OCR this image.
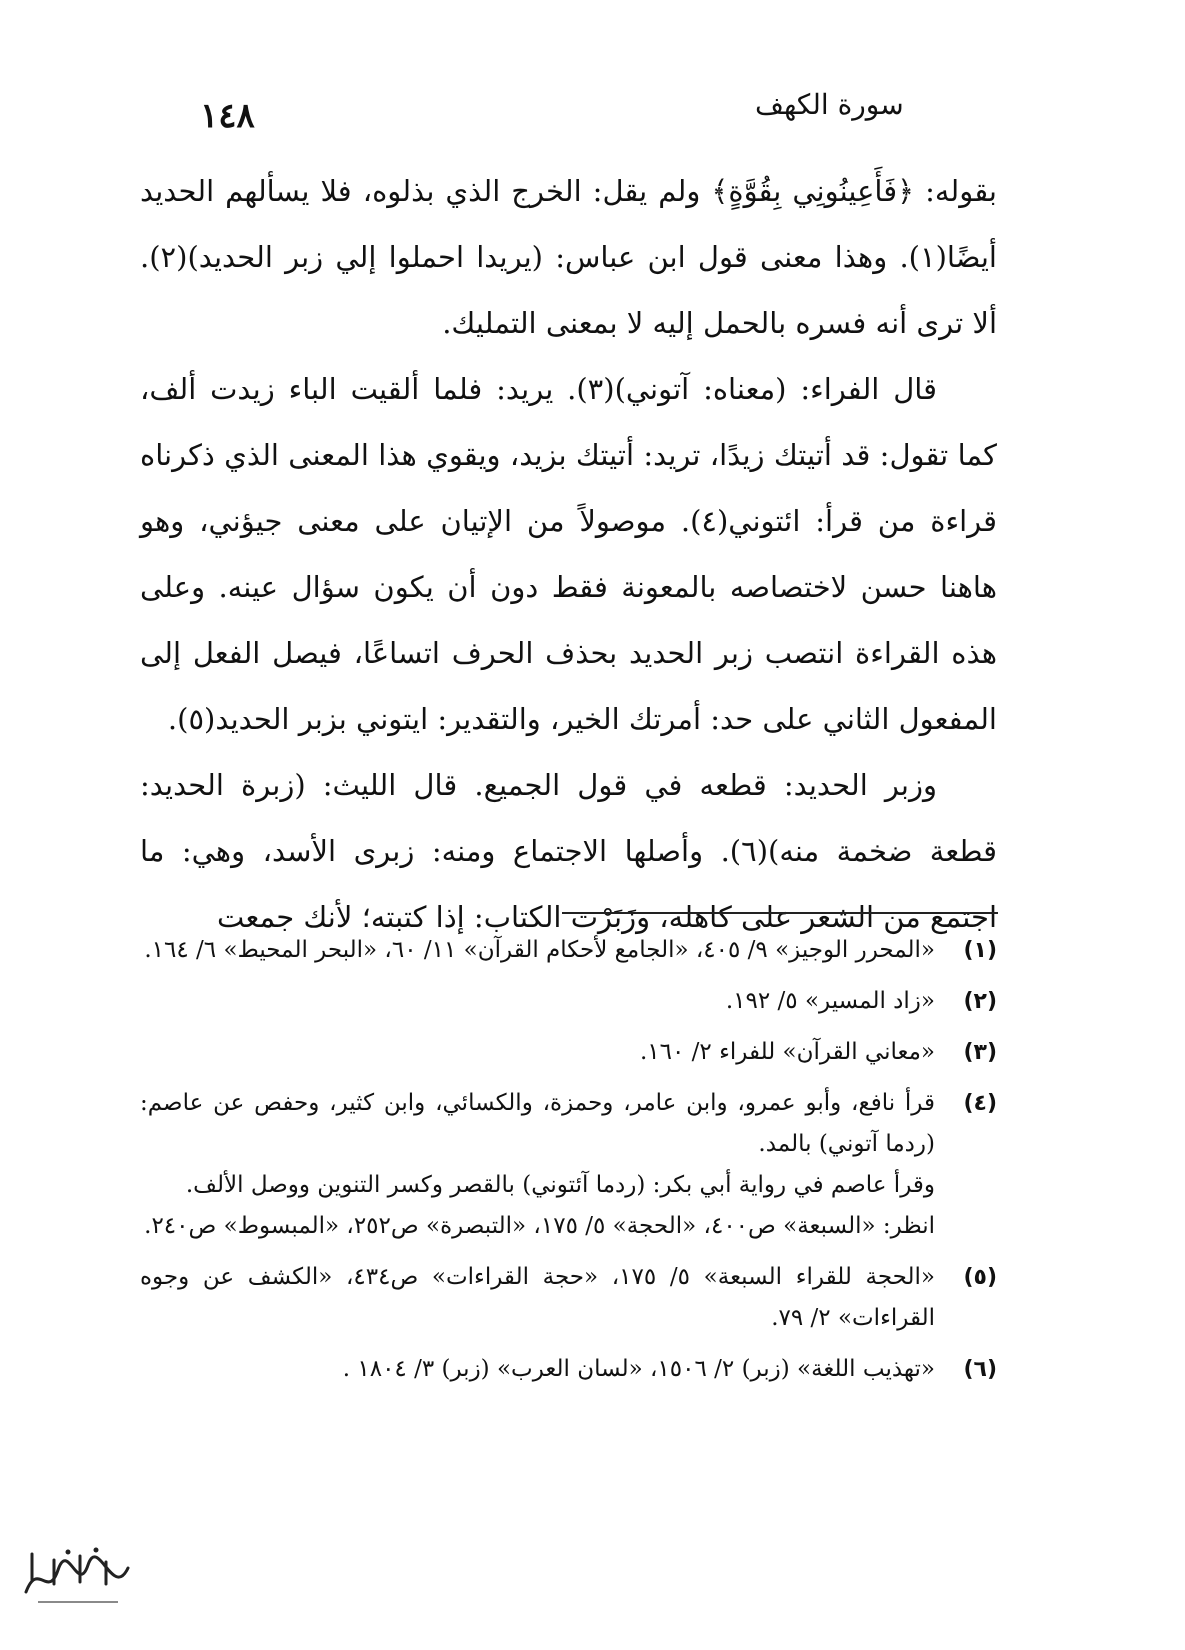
١٤٨	سورة الكهف

بقوله: ﴿فَأَعِينُونِي بِقُوَّةٍ﴾ ولم يقل: الخرج الذي بذلوه، فلا يسألهم الحديد أيضًا(١). وهذا معنى قول ابن عباس: (يريدا احملوا إلي زبر الحديد)(٢). ألا ترى أنه فسره بالحمل إليه لا بمعنى التمليك.

قال الفراء: (معناه: آتوني)(٣). يريد: فلما ألقيت الباء زيدت ألف، كما تقول: قد أتيتك زيدًا، تريد: أتيتك بزيد، ويقوي هذا المعنى الذي ذكرناه قراءة من قرأ: ائتوني(٤). موصولاً من الإتيان على معنى جيؤني، وهو هاهنا حسن لاختصاصه بالمعونة فقط دون أن يكون سؤال عينه. وعلى هذه القراءة انتصب زبر الحديد بحذف الحرف اتساعًا، فيصل الفعل إلى المفعول الثاني على حد: أمرتك الخير، والتقدير: ايتوني بزبر الحديد(٥).

وزبر الحديد: قطعه في قول الجميع. قال الليث: (زبرة الحديد: قطعة ضخمة منه)(٦). وأصلها الاجتماع ومنه: زبرى الأسد، وهي: ما اجتمع من الشعر على كاهله، وزَبَرْت الكتاب: إذا كتبته؛ لأنك جمعت

(١)
«المحرر الوجيز» ٩/ ٤٠٥، «الجامع لأحكام القرآن» ١١/ ٦٠، «البحر المحيط» ٦/ ١٦٤.
(٢)
«زاد المسير» ٥/ ١٩٢.
(٣)
«معاني القرآن» للفراء ٢/ ١٦٠.
(٤)
قرأ نافع، وأبو عمرو، وابن عامر، وحمزة، والكسائي، وابن كثير، وحفص عن عاصم: (ردما آتوني) بالمد.
وقرأ عاصم في رواية أبي بكر: (ردما آئتوني) بالقصر وكسر التنوين ووصل الألف.
انظر: «السبعة» ص٤٠٠، «الحجة» ٥/ ١٧٥، «التبصرة» ص٢٥٢، «المبسوط» ص٢٤٠.
(٥)
«الحجة للقراء السبعة» ٥/ ١٧٥، «حجة القراءات» ص٤٣٤، «الكشف عن وجوه القراءات» ٢/ ٧٩.
(٦)
«تهذيب اللغة» (زبر) ٢/ ١٥٠٦، «لسان العرب» (زبر) ٣/ ١٨٠٤ .
